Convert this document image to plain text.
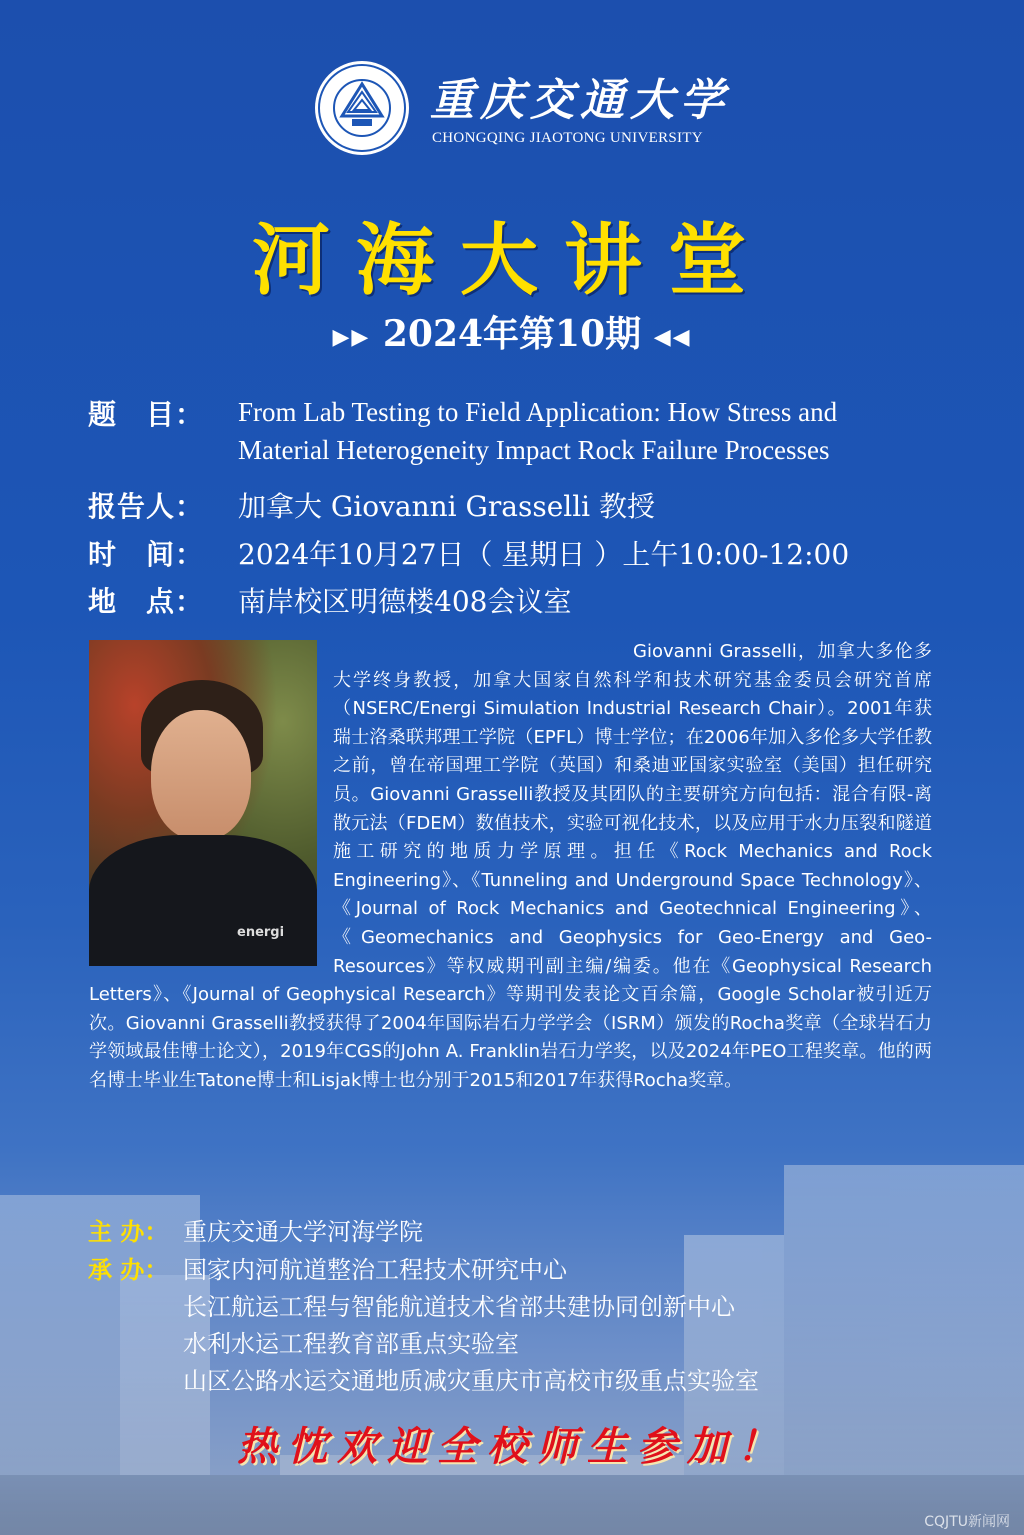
重庆交通大学
CHONGQING JIAOTONG UNIVERSITY
河海大讲堂
▶▶ 2024年第10期 ◀◀
题　目： From Lab Testing to Field Application: How Stress and
Material Heterogeneity Impact Rock Failure Processes
报告人： 加拿大 Giovanni Grasselli 教授
时　间： 2024年10月27日（ 星期日 ）上午10:00-12:00
地　点： 南岸校区明德楼408会议室
Giovanni Grasselli，加拿大多伦多大学终身教授，加拿大国家自然科学和技术研究基金委员会研究首席（NSERC/Energi Simulation Industrial Research Chair）。2001年获瑞士洛桑联邦理工学院（EPFL）博士学位；在2006年加入多伦多大学任教之前，曾在帝国理工学院（英国）和桑迪亚国家实验室（美国）担任研究员。Giovanni Grasselli教授及其团队的主要研究方向包括：混合有限-离散元法（FDEM）数值技术，实验可视化技术，以及应用于水力压裂和隧道施工研究的地质力学原理。担任《Rock Mechanics and Rock Engineering》、《Tunneling and Underground Space Technology》、《Journal of Rock Mechanics and Geotechnical Engineering》、《Geomechanics and Geophysics for Geo-Energy and Geo-Resources》等权威期刊副主编/编委。他在《Geophysical Research Letters》、《Journal of Geophysical Research》等期刊发表论文百余篇，Google Scholar被引近万次。Giovanni Grasselli教授获得了2004年国际岩石力学学会（ISRM）颁发的Rocha奖章（全球岩石力学领域最佳博士论文），2019年CGS的John A. Franklin岩石力学奖，以及2024年PEO工程奖章。他的两名博士毕业生Tatone博士和Lisjak博士也分别于2015和2017年获得Rocha奖章。
energi
主 办： 重庆交通大学河海学院
承 办： 国家内河航道整治工程技术研究中心
长江航运工程与智能航道技术省部共建协同创新中心
水利水运工程教育部重点实验室
山区公路水运交通地质减灾重庆市高校市级重点实验室
热忱欢迎全校师生参加！
CQJTU新闻网
